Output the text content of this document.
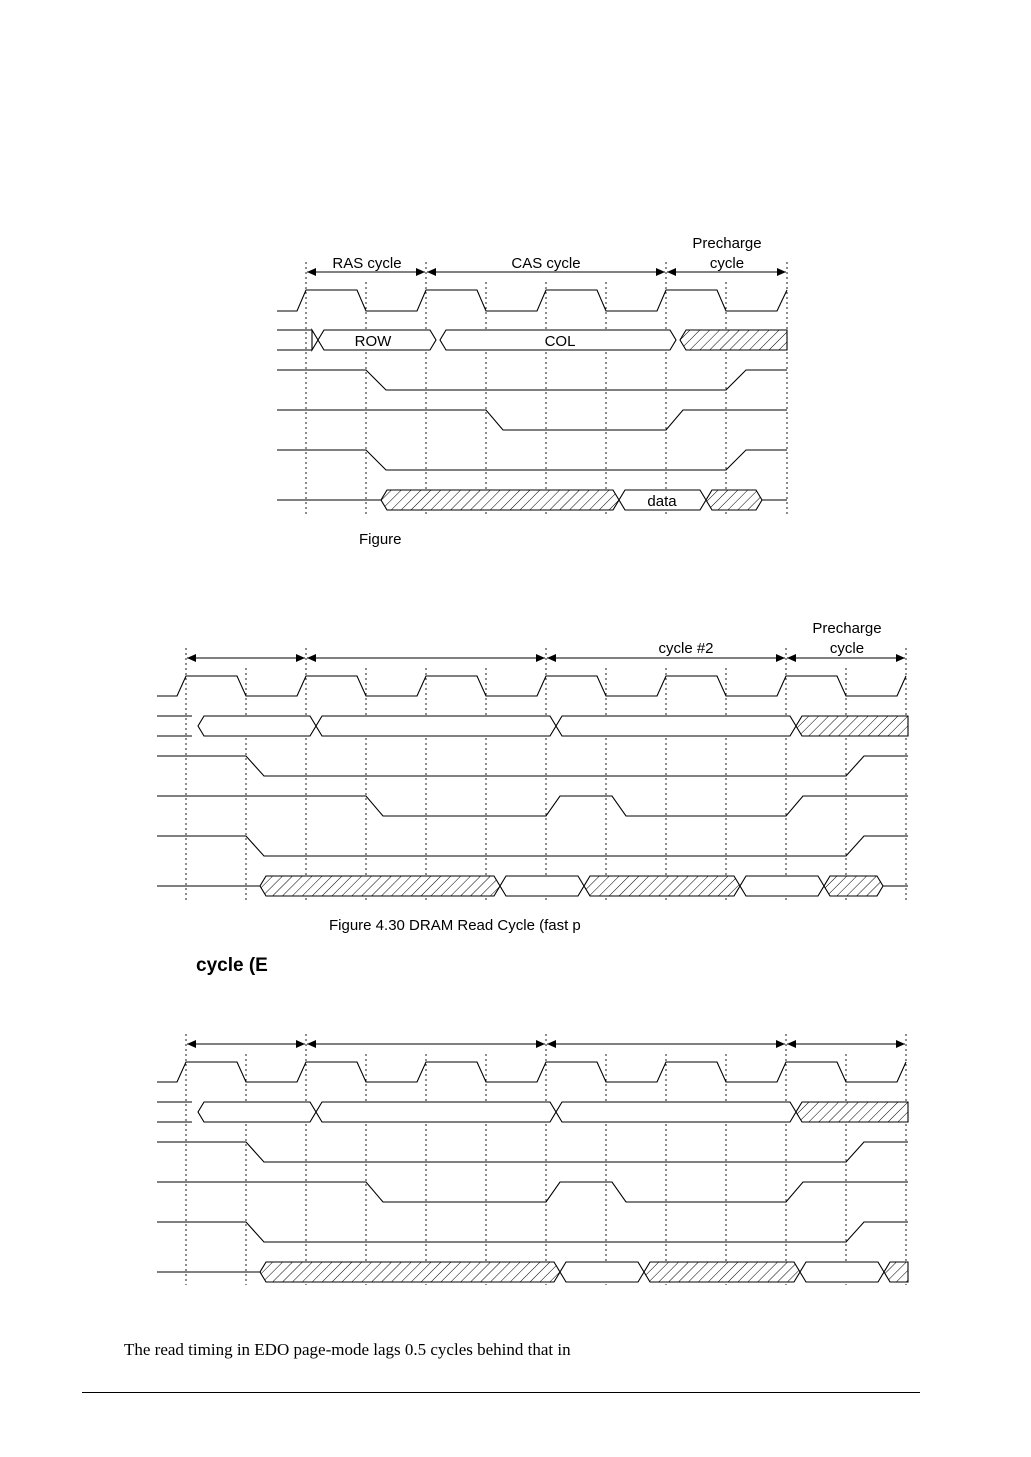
RAS cycle	CAS cycle
Precharge
cycle
ROW	COL
data
Figure
cycle #2
Precharge
cycle
Figure 4.30 DRAM Read Cycle (fast p
cycle (E
The read timing in EDO page-mode lags 0.5 cycles behind that in
